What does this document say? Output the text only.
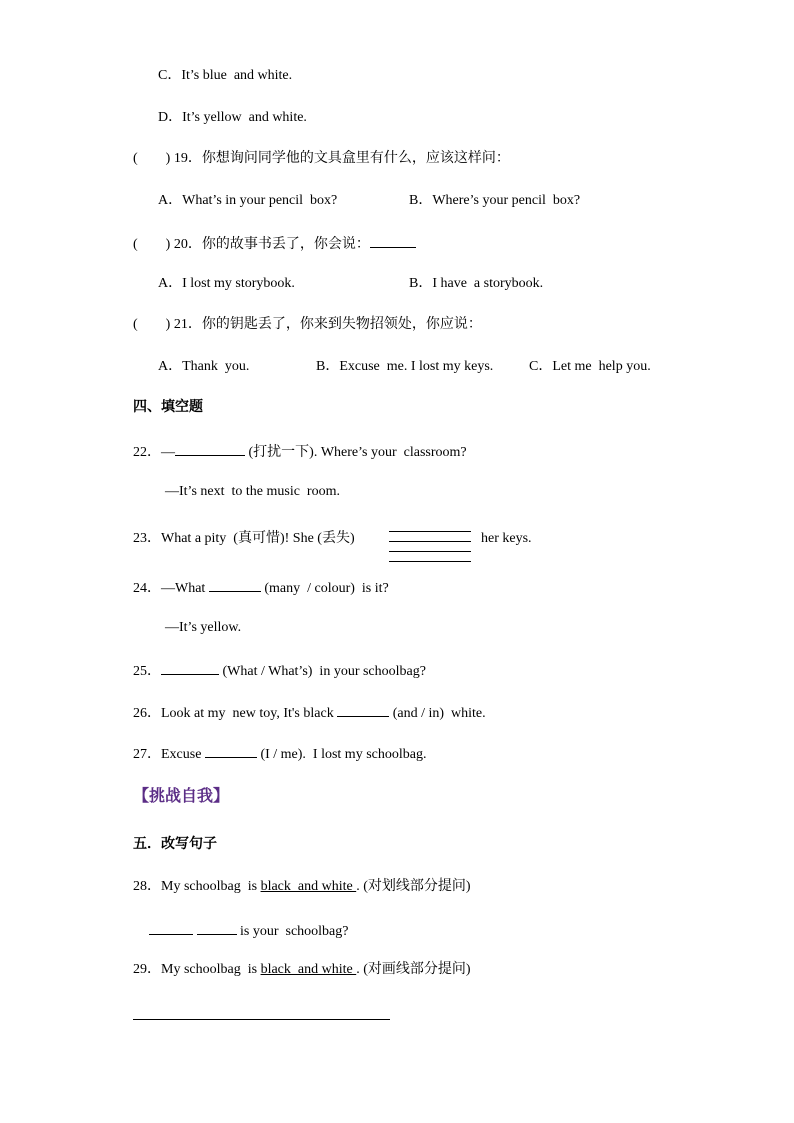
C．It’s blue  and white.
D．It’s yellow  and white.
(        ) 19．你想询问同学他的文具盒里有什么，应该这样问：
A．What’s in your pencil  box?	B．Where’s your pencil  box?
(        ) 20．你的故事书丢了，你会说：
A．I lost my storybook.	B．I have  a storybook.
(        ) 21．你的钥匙丢了，你来到失物招领处，你应说：
A．Thank  you.	B．Excuse  me. I lost my keys.	C．Let me  help you.
四、填空题
22．—	(打扰一下). Where’s your  classroom?
—It’s next  to the music  room.
23．What a pity  (真可惜)! She (丢失)	her keys.
24．—What	(many  / colour)  is it?
—It’s yellow.
25．	(What / What’s)  in your schoolbag?
26．Look at my  new toy, It's black	(and / in)  white.
27．Excuse	(I / me).  I lost my schoolbag.
【挑战自我】
五．改写句子
28．My schoolbag  is black  and white . (对划线部分提问)
is your  schoolbag?
29．My schoolbag  is black  and white . (对画线部分提问)
